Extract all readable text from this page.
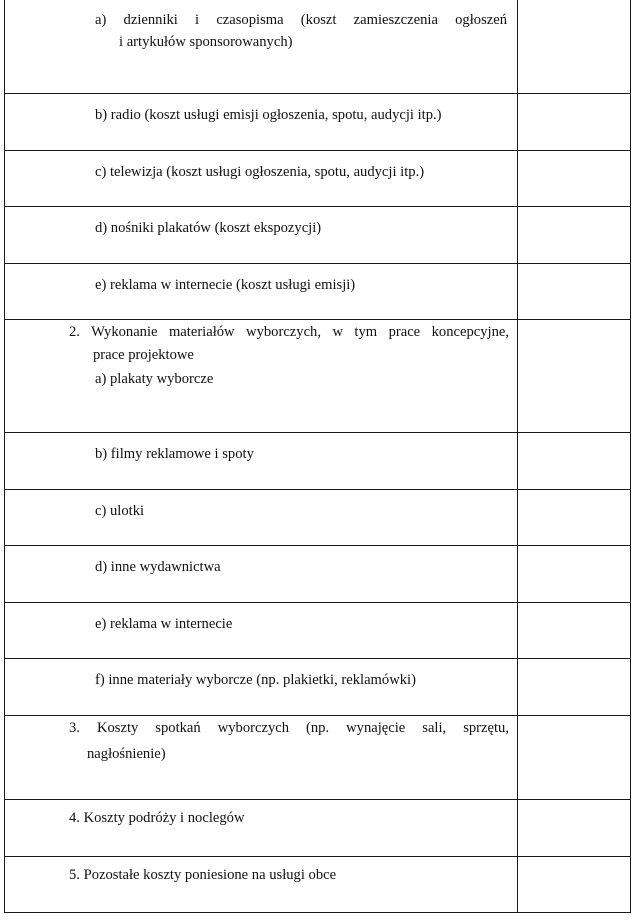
a) dzienniki i czasopisma (koszt zamieszczenia ogłoszeń
i artykułów sponsorowanych)	

b) radio (koszt usługi emisji ogłoszenia, spotu, audycji itp.)	

c) telewizja (koszt usługi ogłoszenia, spotu, audycji itp.)	

d) nośniki plakatów (koszt ekspozycji)	

e) reklama w internecie (koszt usługi emisji)	

2. Wykonanie materiałów wyborczych, w tym prace koncepcyjne,
prace projektowe
a) plakaty wyborcze	

b) filmy reklamowe i spoty	

c) ulotki	

d) inne wydawnictwa	

e) reklama w internecie	

f) inne materiały wyborcze (np. plakietki, reklamówki)	

3. Koszty spotkań wyborczych (np. wynajęcie sali, sprzętu,
nagłośnienie)	

4. Koszty podróży i noclegów	

5. Pozostałe koszty poniesione na usługi obce	
